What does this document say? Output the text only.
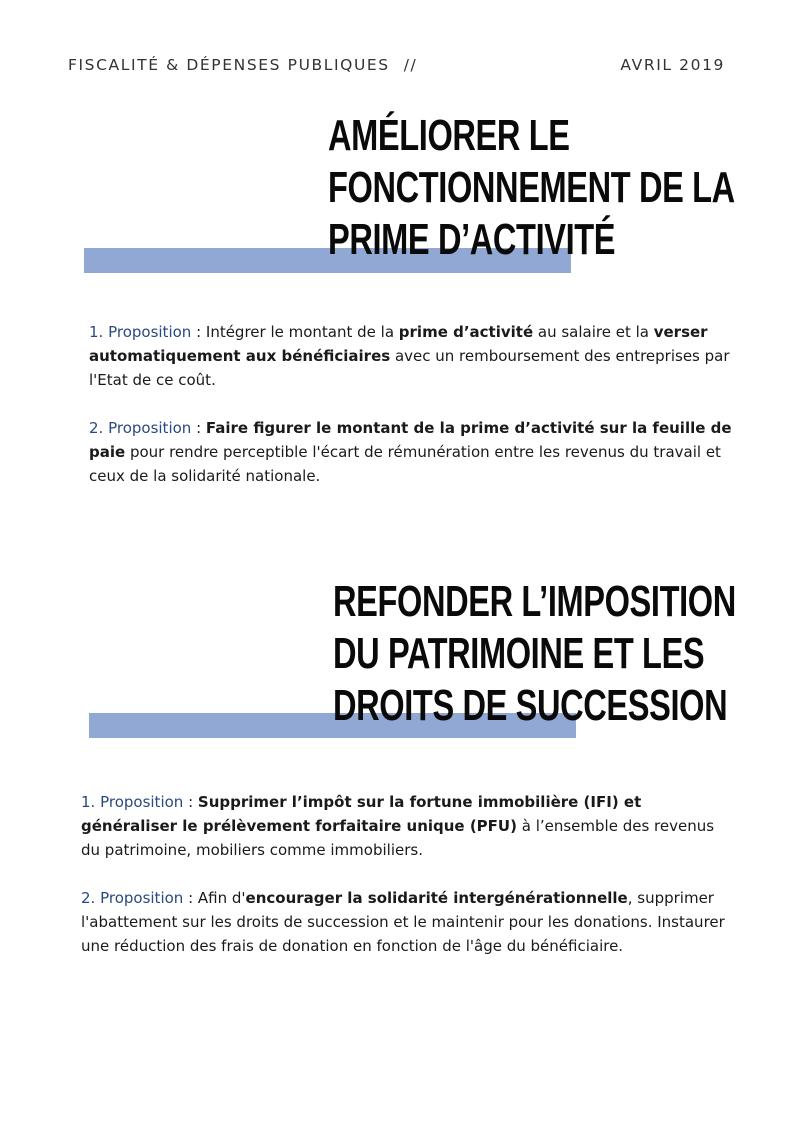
FISCALITÉ & DÉPENSES PUBLIQUES //	AVRIL 2019
AMÉLIORER LE
FONCTIONNEMENT DE LA
PRIME D’ACTIVITÉ

1. Proposition : Intégrer le montant de la prime d’activité au salaire et la verser automatiquement aux bénéficiaires avec un remboursement des entreprises par l'Etat de ce coût.

2. Proposition : Faire figurer le montant de la prime d’activité sur la feuille de paie pour rendre perceptible l'écart de rémunération entre les revenus du travail et ceux de la solidarité nationale.

REFONDER L’IMPOSITION
DU PATRIMOINE ET LES
DROITS DE SUCCESSION

1. Proposition : Supprimer l’impôt sur la fortune immobilière (IFI) et généraliser le prélèvement forfaitaire unique (PFU) à l’ensemble des revenus du patrimoine, mobiliers comme immobiliers.

2. Proposition : Afin d'encourager la solidarité intergénérationnelle, supprimer l'abattement sur les droits de succession et le maintenir pour les donations. Instaurer une réduction des frais de donation en fonction de l'âge du bénéficiaire.
